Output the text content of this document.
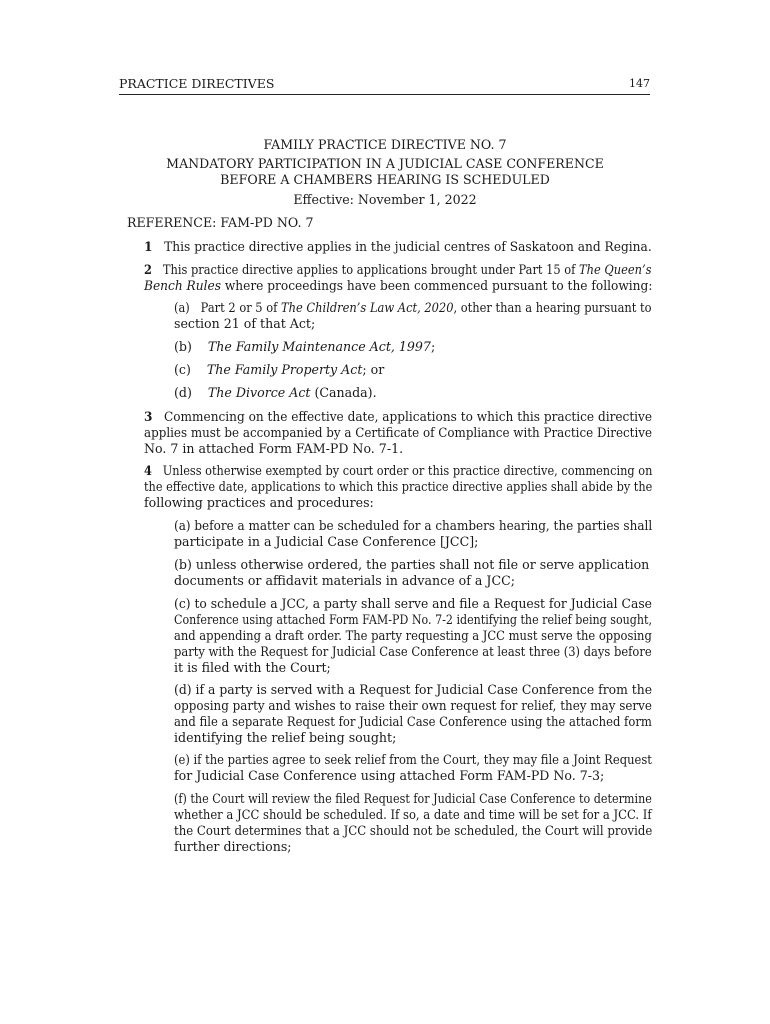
PRACTICE DIRECTIVES	147
FAMILY PRACTICE DIRECTIVE NO. 7
MANDATORY PARTICIPATION IN A JUDICIAL CASE CONFERENCE
BEFORE A CHAMBERS HEARING IS SCHEDULED
Effective: November 1, 2022
REFERENCE: FAM-PD NO. 7
1 This practice directive applies in the judicial centres of Saskatoon and Regina.
2 This practice directive applies to applications brought under Part 15 of The Queen’s
Bench Rules where proceedings have been commenced pursuant to the following:
(a) Part 2 or 5 of The Children’s Law Act, 2020, other than a hearing pursuant to
section 21 of that Act;
(b) The Family Maintenance Act, 1997;
(c) The Family Property Act; or
(d) The Divorce Act (Canada).
3 Commencing on the effective date, applications to which this practice directive
applies must be accompanied by a Certificate of Compliance with Practice Directive
No. 7 in attached Form FAM-PD No. 7-1.
4 Unless otherwise exempted by court order or this practice directive, commencing on
the effective date, applications to which this practice directive applies shall abide by the
following practices and procedures:
(a) before a matter can be scheduled for a chambers hearing, the parties shall
participate in a Judicial Case Conference [JCC];
(b) unless otherwise ordered, the parties shall not file or serve application
documents or affidavit materials in advance of a JCC;
(c) to schedule a JCC, a party shall serve and file a Request for Judicial Case
Conference using attached Form FAM-PD No. 7-2 identifying the relief being sought,
and appending a draft order. The party requesting a JCC must serve the opposing
party with the Request for Judicial Case Conference at least three (3) days before
it is filed with the Court;
(d) if a party is served with a Request for Judicial Case Conference from the
opposing party and wishes to raise their own request for relief, they may serve
and file a separate Request for Judicial Case Conference using the attached form
identifying the relief being sought;
(e) if the parties agree to seek relief from the Court, they may file a Joint Request
for Judicial Case Conference using attached Form FAM-PD No. 7-3;
(f) the Court will review the filed Request for Judicial Case Conference to determine
whether a JCC should be scheduled. If so, a date and time will be set for a JCC. If
the Court determines that a JCC should not be scheduled, the Court will provide
further directions;
